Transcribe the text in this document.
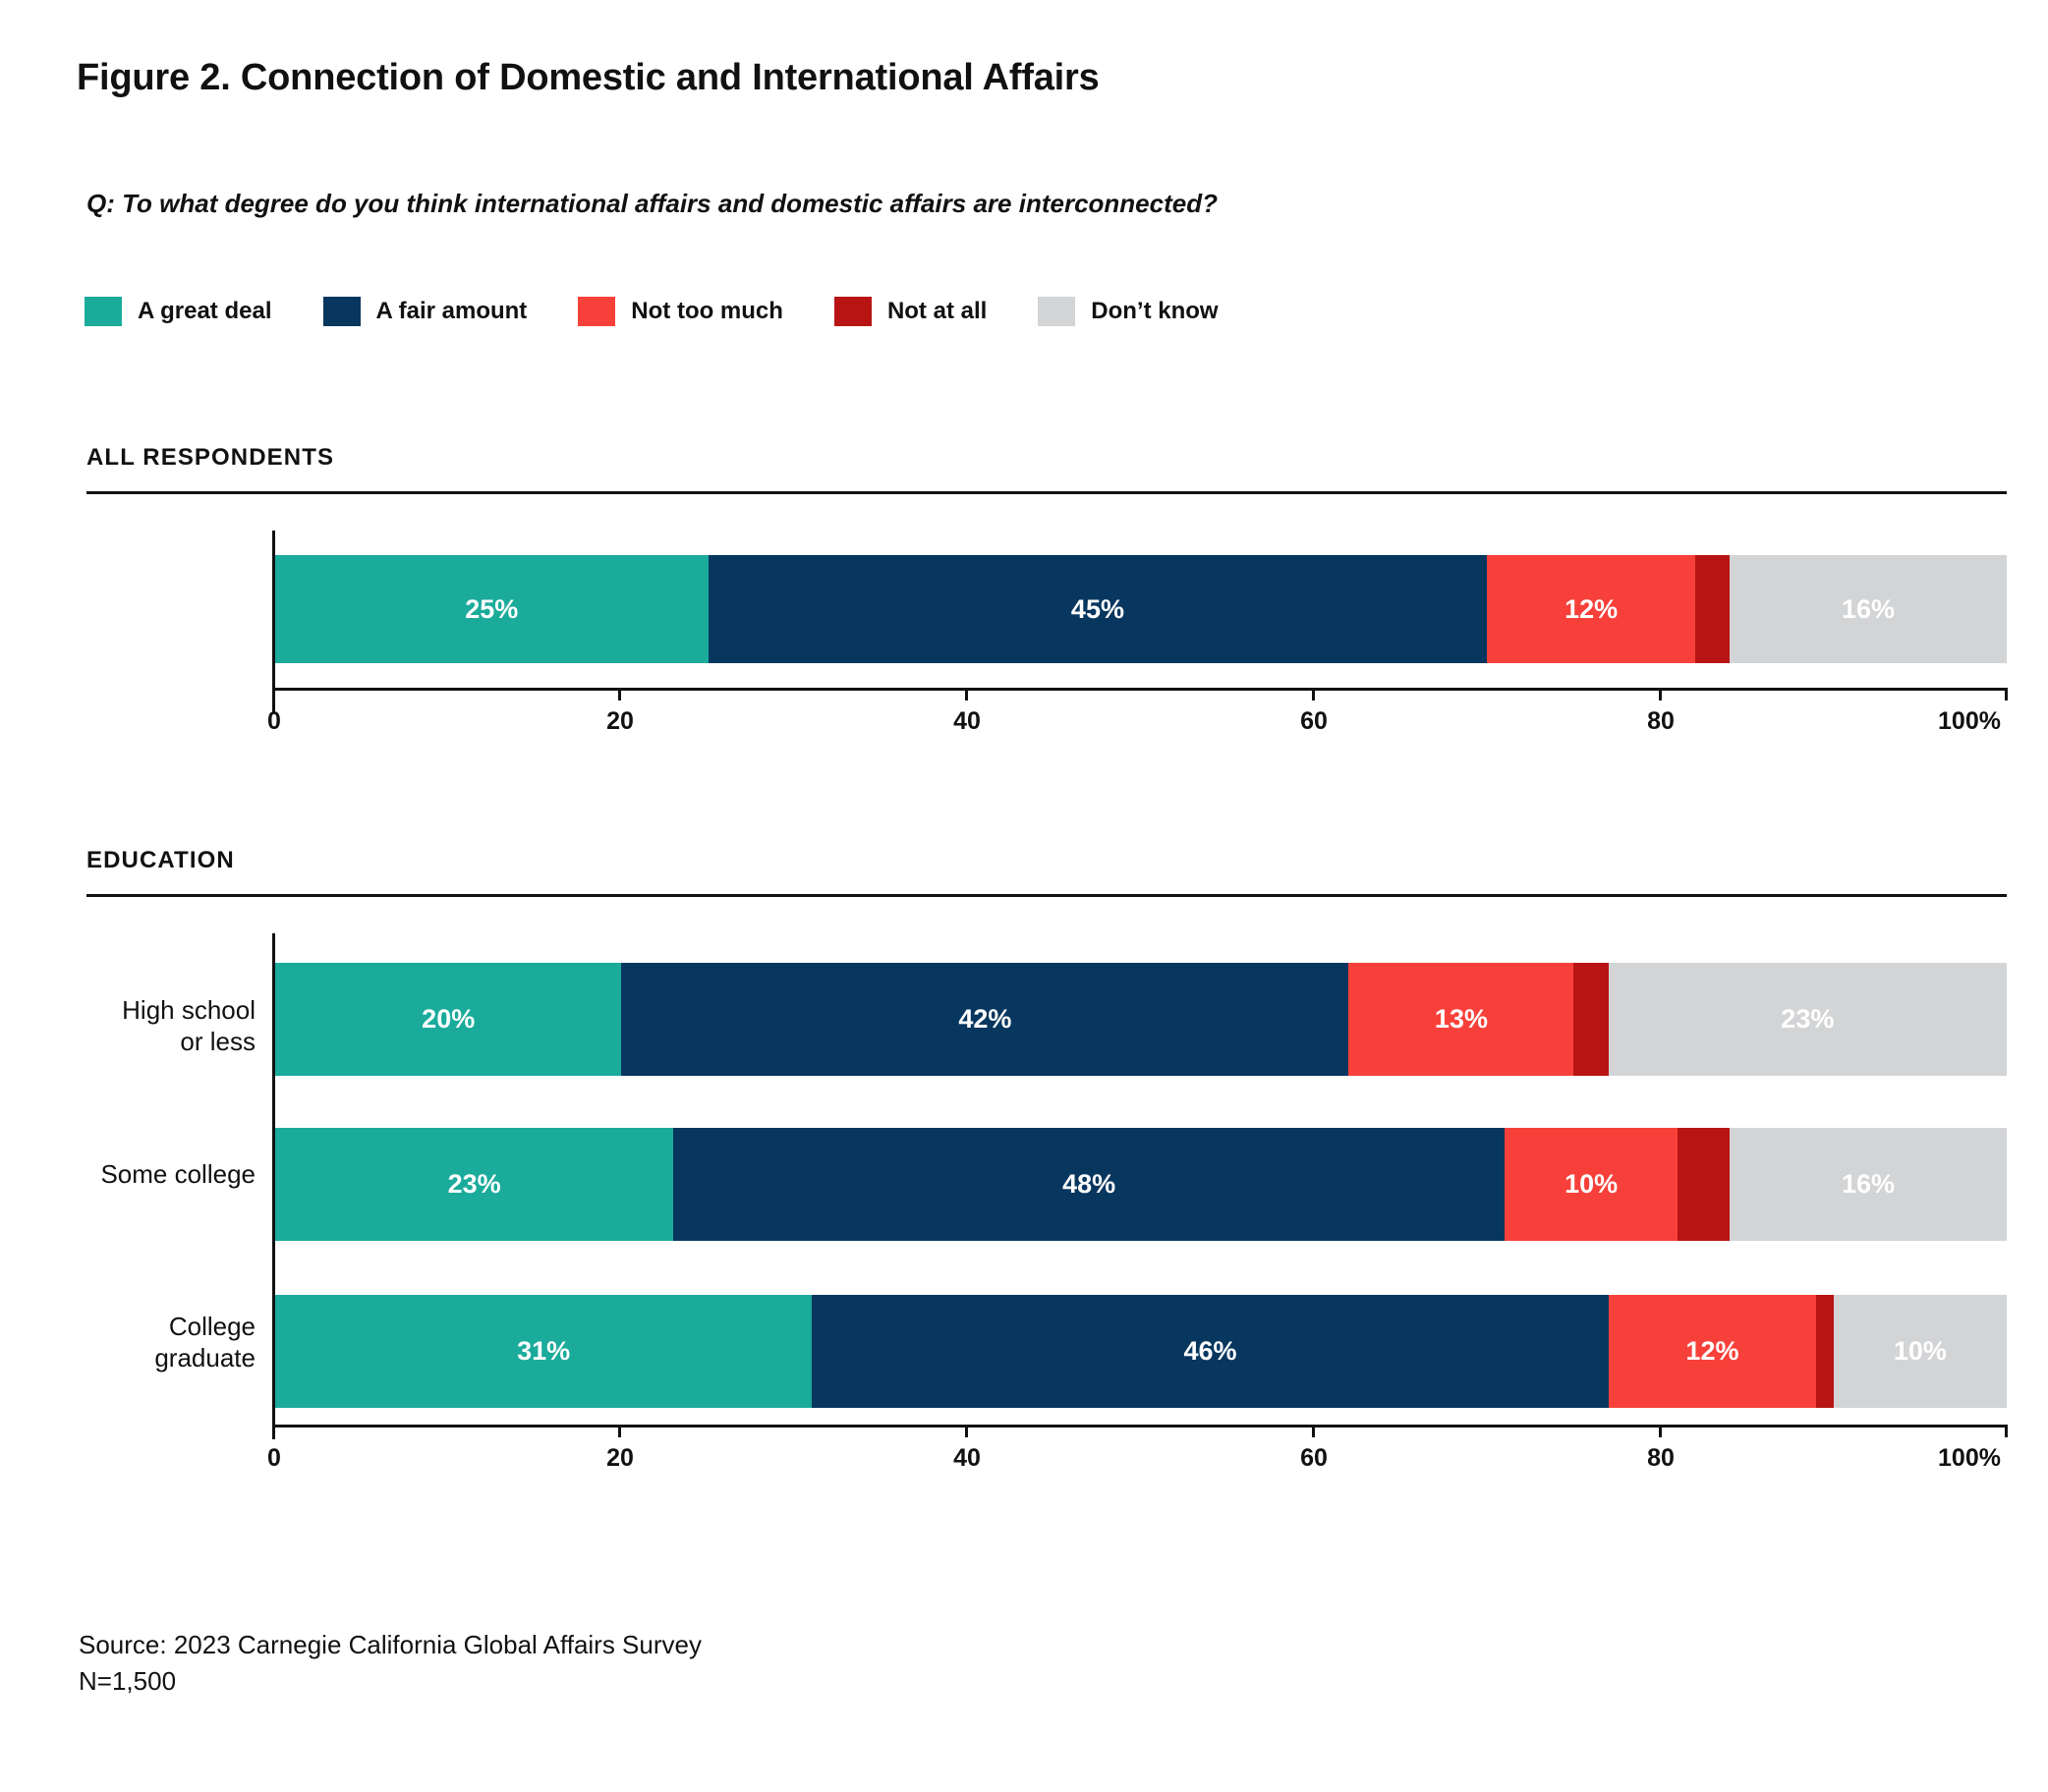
Figure 2. Connection of Domestic and International Affairs
Q: To what degree do you think international affairs and domestic affairs are interconnected?
A great deal	A fair amount	Not too much	Not at all	Don’t know
ALL RESPONDENTS
0	20	40	60	80	100%
25%	45%	12%	16%
EDUCATION
0	20	40	60	80	100%
High school
or less
20%	42%	13%	23%
Some college	23%	48%	10%	16%
College
graduate	31%	46%	12%	10%
Source: 2023 Carnegie California Global Affairs Survey
N=1,500
